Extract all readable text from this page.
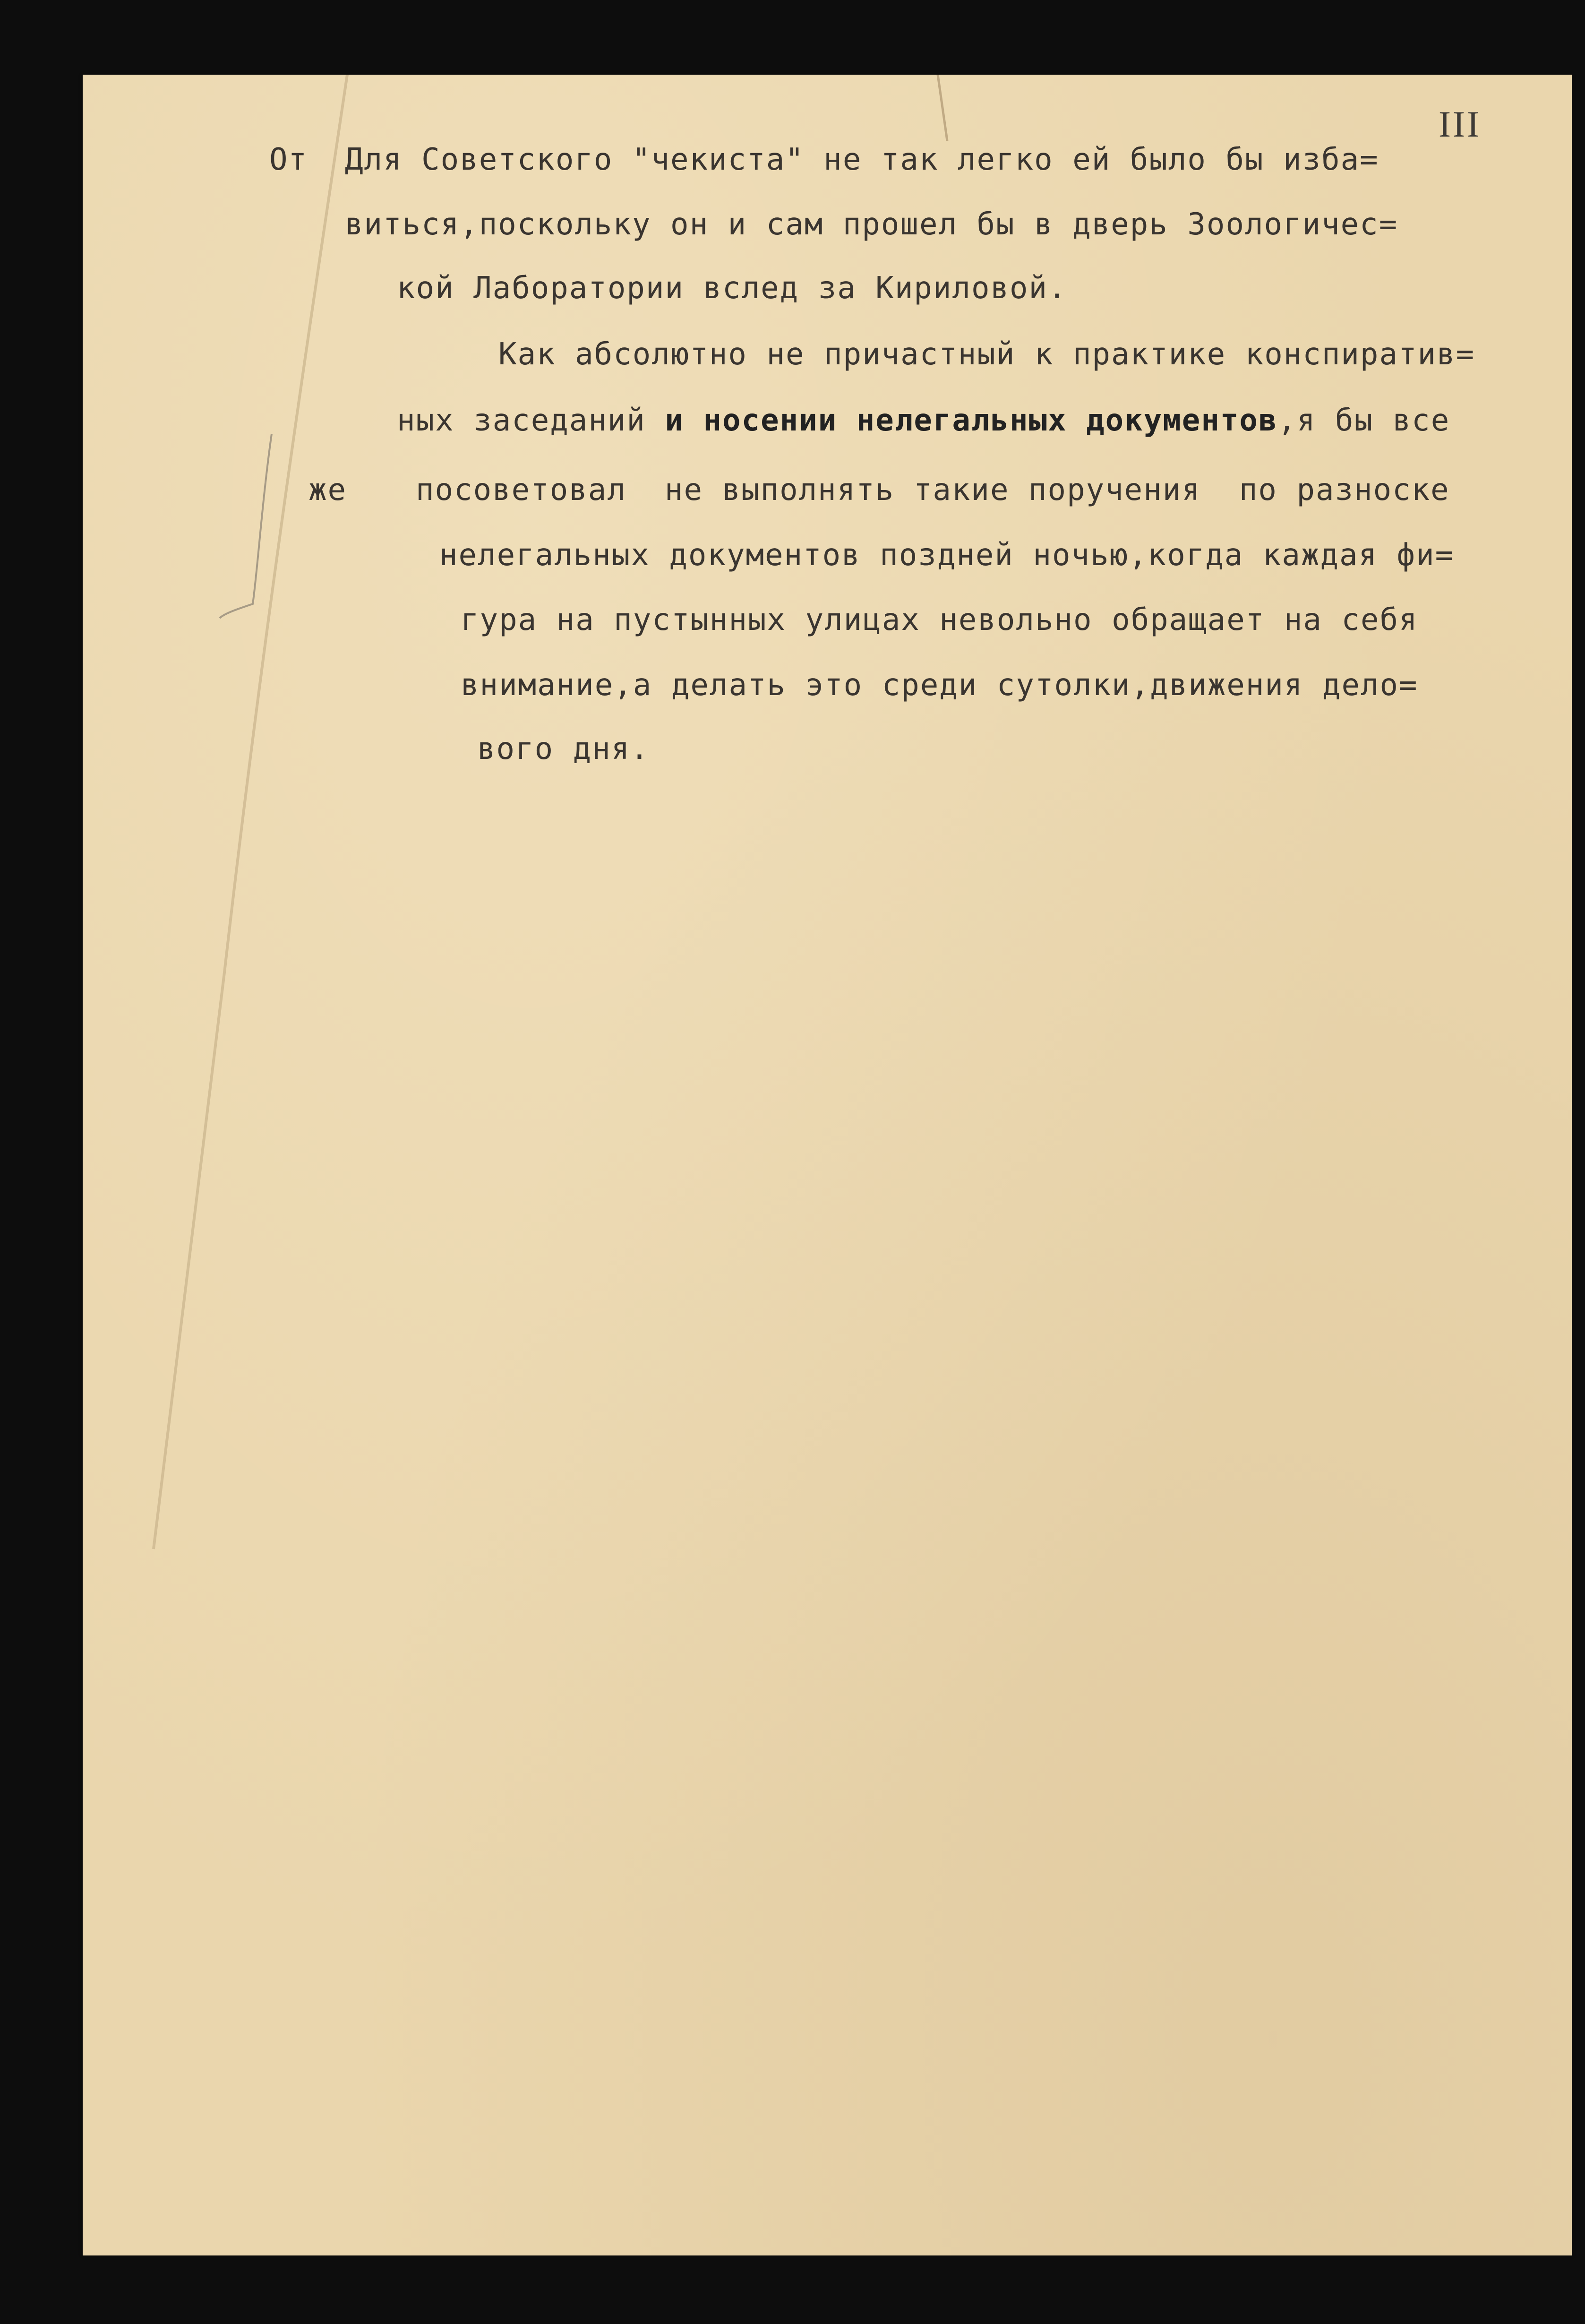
III
От
же
Для Советского "чекиста" не так легко ей было бы избa=
виться,поскольку он и сам прошел бы в дверь Зоологичес=
кой Лаборатории вслед за Кириловой.
Как абсолютно не причастный к практике конспиратив=
ных заседаний и носении нелегальных документов,я бы все
посоветовал  не выполнять такие поручения  по разноске
нелегальных документов поздней ночью,когда каждая фи=
гура на пустынных улицах невольно обращает на себя
внимание,а делать это среди сутолки,движения дело=
вого дня.
